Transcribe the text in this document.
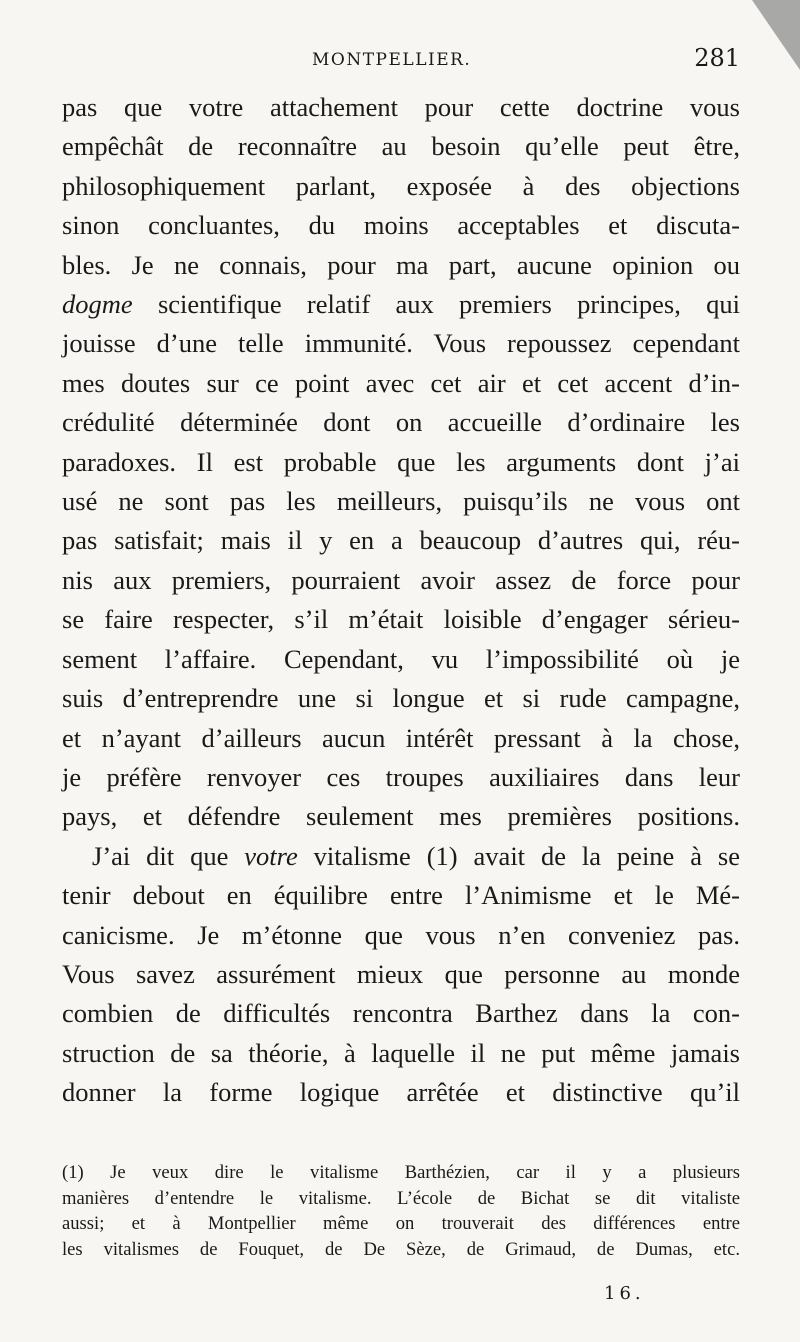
MONTPELLIER.	281
pas que votre attachement pour cette doctrine vous
empêchât de reconnaître au besoin qu’elle peut être,
philosophiquement parlant, exposée à des objections
sinon concluantes, du moins acceptables et discuta-
bles. Je ne connais, pour ma part, aucune opinion ou
dogme scientifique relatif aux premiers principes, qui
jouisse d’une telle immunité. Vous repoussez cependant
mes doutes sur ce point avec cet air et cet accent d’in-
crédulité déterminée dont on accueille d’ordinaire les
paradoxes. Il est probable que les arguments dont j’ai
usé ne sont pas les meilleurs, puisqu’ils ne vous ont
pas satisfait; mais il y en a beaucoup d’autres qui, réu-
nis aux premiers, pourraient avoir assez de force pour
se faire respecter, s’il m’était loisible d’engager sérieu-
sement l’affaire. Cependant, vu l’impossibilité où je
suis d’entreprendre une si longue et si rude campagne,
et n’ayant d’ailleurs aucun intérêt pressant à la chose,
je préfère renvoyer ces troupes auxiliaires dans leur
pays, et défendre seulement mes premières positions.
J’ai dit que votre vitalisme (1) avait de la peine à se
tenir debout en équilibre entre l’Animisme et le Mé-
canicisme. Je m’étonne que vous n’en conveniez pas.
Vous savez assurément mieux que personne au monde
combien de difficultés rencontra Barthez dans la con-
struction de sa théorie, à laquelle il ne put même jamais
donner la forme logique arrêtée et distinctive qu’il
(1) Je veux dire le vitalisme Barthézien, car il y a plusieurs
manières d’entendre le vitalisme. L’école de Bichat se dit vitaliste
aussi; et à Montpellier même on trouverait des différences entre
les vitalismes de Fouquet, de De Sèze, de Grimaud, de Dumas, etc.
16.
